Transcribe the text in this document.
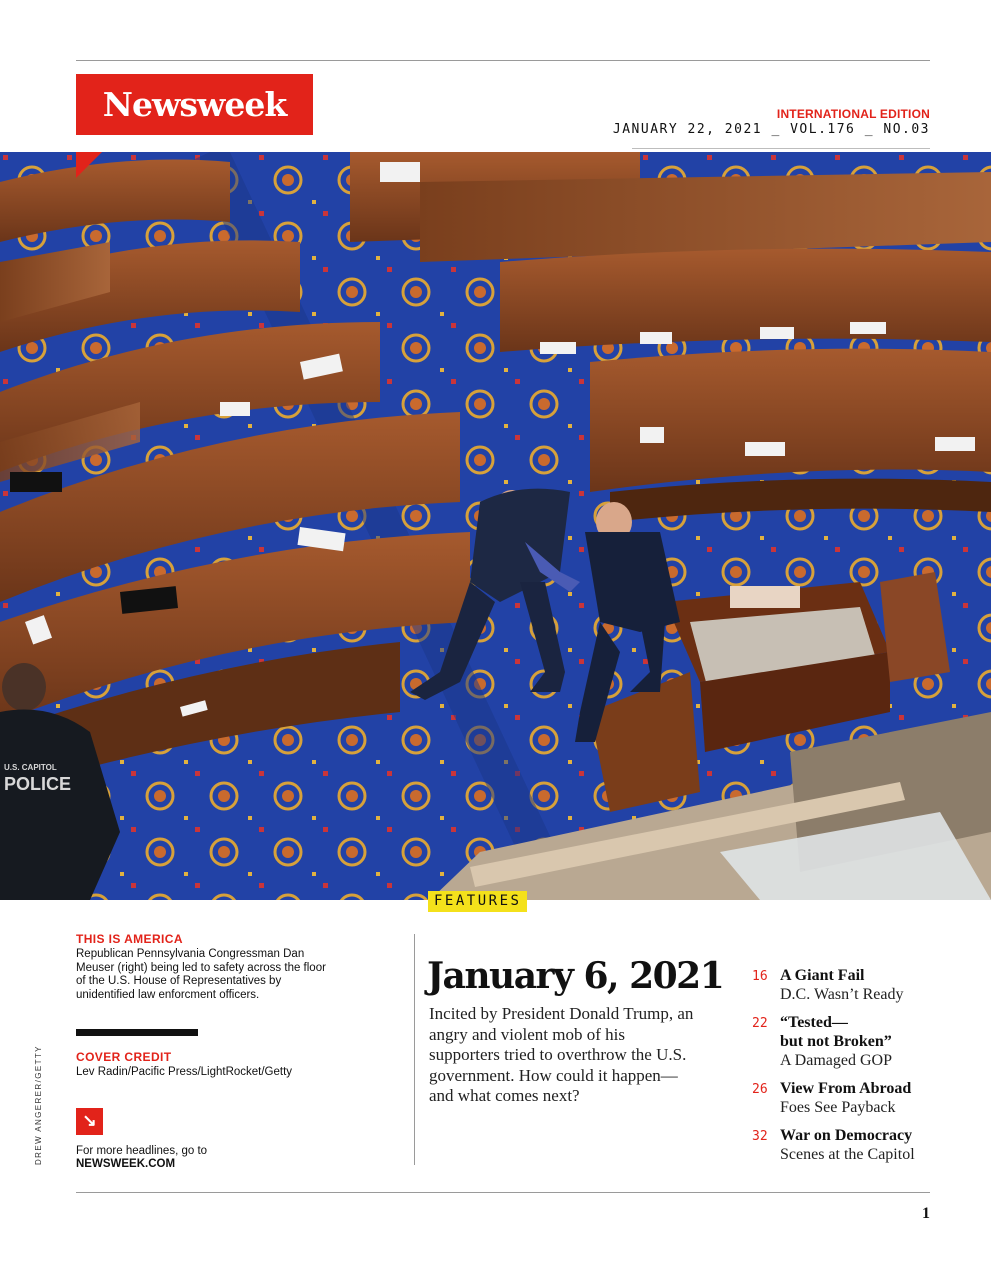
Newsweek	INTERNATIONAL EDITION
JANUARY 22, 2021 _ VOL.176 _ NO.03
U.S. CAPITOL
POLICE
FEATURES
THIS IS AMERICA
Republican Pennsylvania Congressman Dan Meuser (right) being led to safety across the floor of the U.S. House of Representatives by unidentified law enforcment officers.
COVER CREDIT
Lev Radin/Pacific Press/LightRocket/Getty
↘
For more headlines, go to
NEWSWEEK.COM
DREW ANGERER/GETTY
January 6, 2021
Incited by President Donald Trump, an angry and violent mob of his supporters tried to overthrow the U.S. government. How could it happen—and what comes next?
16 A Giant Fail
D.C. Wasn’t Ready
22 “Tested—
but not Broken”
A Damaged GOP
26 View From Abroad
Foes See Payback
32 War on Democracy
Scenes at the Capitol
1
